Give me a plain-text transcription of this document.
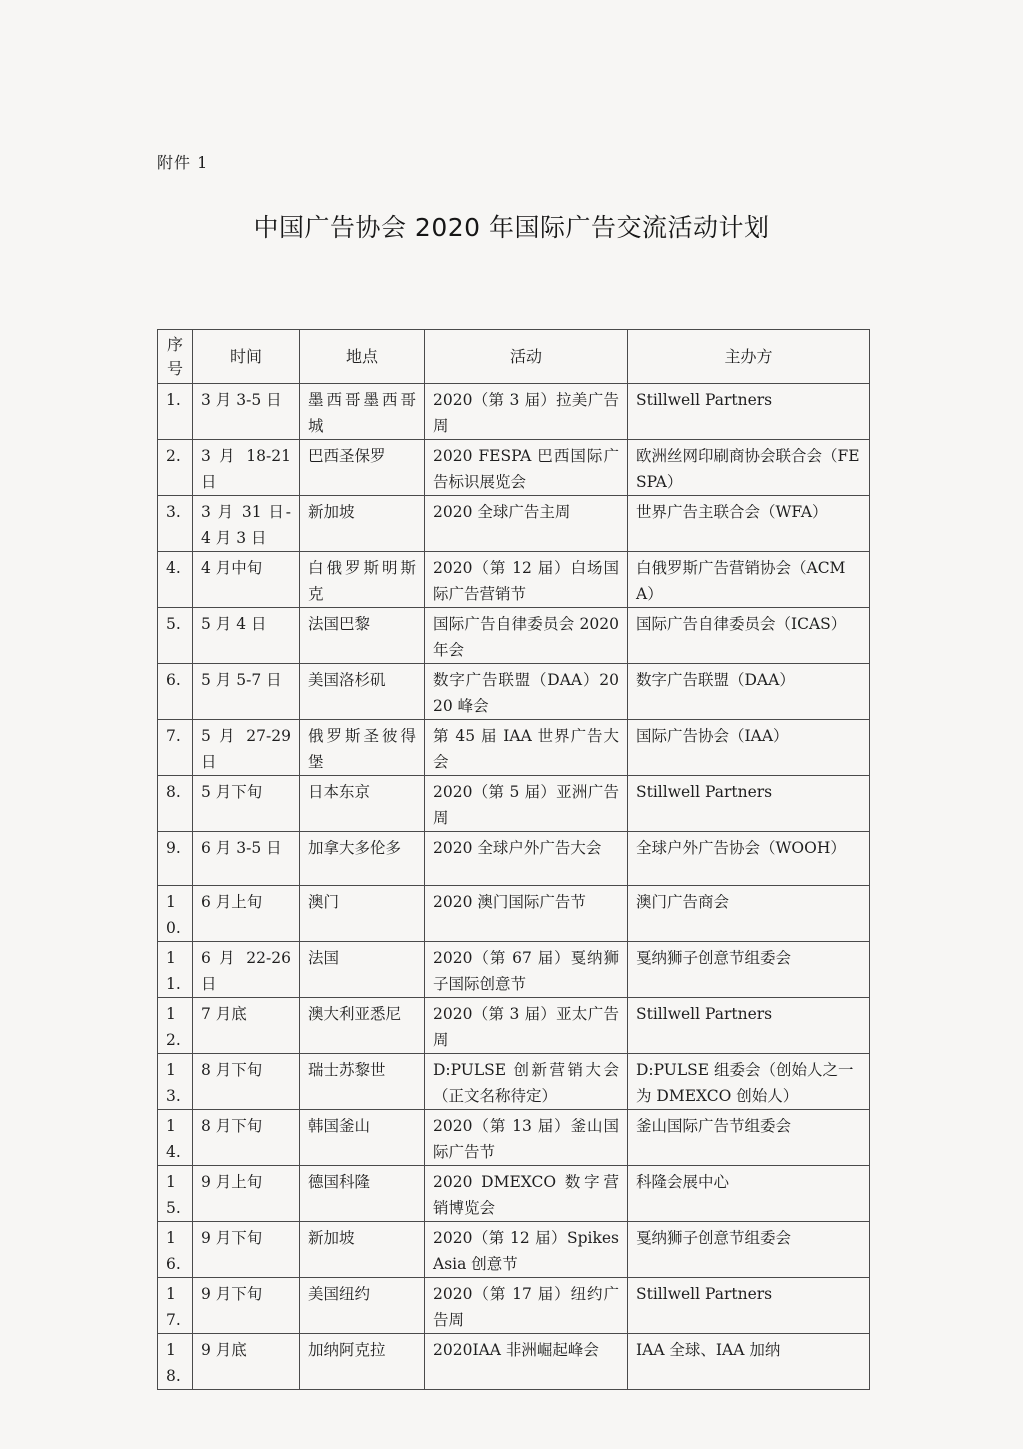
附件 1
中国广告协会 2020 年国际广告交流活动计划
序号	时间	地点	活动	主办方
1.	3 月 3-5 日	墨西哥墨西哥城	2020（第 3 届）拉美广告周	Stillwell Partners
2.	3 月 18-21 日	巴西圣保罗	2020 FESPA 巴西国际广告标识展览会	欧洲丝网印刷商协会联合会（FESPA）
3.	3 月 31 日-4 月 3 日	新加坡	2020 全球广告主周	世界广告主联合会（WFA）
4.	4 月中旬	白俄罗斯明斯克	2020（第 12 届）白场国际广告营销节	白俄罗斯广告营销协会（ACMA）
5.	5 月 4 日	法国巴黎	国际广告自律委员会 2020 年会	国际广告自律委员会（ICAS）
6.	5 月 5-7 日	美国洛杉矶	数字广告联盟（DAA）2020 峰会	数字广告联盟（DAA）
7.	5 月 27-29 日	俄罗斯圣彼得堡	第 45 届 IAA 世界广告大会	国际广告协会（IAA）
8.	5 月下旬	日本东京	2020（第 5 届）亚洲广告周	Stillwell Partners
9.	6 月 3-5 日	加拿大多伦多	2020 全球户外广告大会	全球户外广告协会（WOOH）
10.	6 月上旬	澳门	2020 澳门国际广告节	澳门广告商会
11.	6 月 22-26 日	法国	2020（第 67 届）戛纳狮子国际创意节	戛纳狮子创意节组委会
12.	7 月底	澳大利亚悉尼	2020（第 3 届）亚太广告周	Stillwell Partners
13.	8 月下旬	瑞士苏黎世	D:PULSE 创新营销大会（正文名称待定）	D:PULSE 组委会（创始人之一为 DMEXCO 创始人）
14.	8 月下旬	韩国釜山	2020（第 13 届）釜山国际广告节	釜山国际广告节组委会
15.	9 月上旬	德国科隆	2020 DMEXCO 数字营销博览会	科隆会展中心
16.	9 月下旬	新加坡	2020（第 12 届）Spikes Asia 创意节	戛纳狮子创意节组委会
17.	9 月下旬	美国纽约	2020（第 17 届）纽约广告周	Stillwell Partners
18.	9 月底	加纳阿克拉	2020IAA 非洲崛起峰会	IAA 全球、IAA 加纳
